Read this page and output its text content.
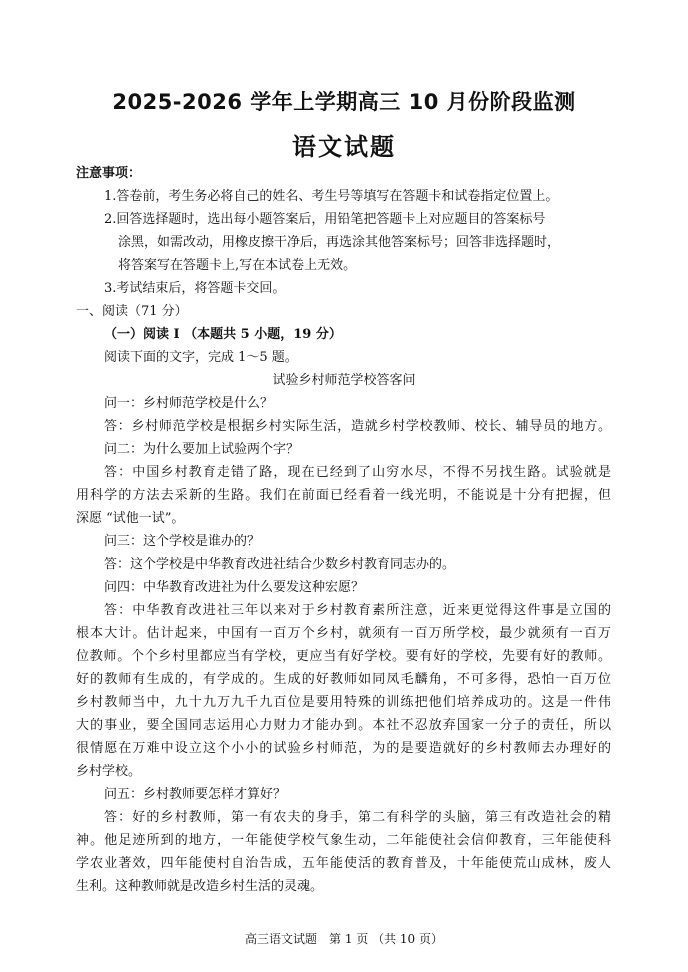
2025-2026 学年上学期高三 10 月份阶段监测
语文试题
注意事项：
1.答卷前，考生务必将自己的姓名、考生号等填写在答题卡和试卷指定位置上。
2.回答选择题时，选出每小题答案后，用铅笔把答题卡上对应题目的答案标号
涂黑，如需改动，用橡皮擦干净后，再选涂其他答案标号；回答非选择题时，
将答案写在答题卡上,写在本试卷上无效。
3.考试结束后，将答题卡交回。
一、阅读（71 分）
（一）阅读 I （本题共 5 小题，19 分）
阅读下面的文字，完成 1～5 题。
试验乡村师范学校答客问
问一：乡村师范学校是什么？
答：乡村师范学校是根据乡村实际生活，造就乡村学校教师、校长、辅导员的地方。
问二：为什么要加上试验两个字？
答：中国乡村教育走错了路，现在已经到了山穷水尽，不得不另找生路。试验就是
用科学的方法去采新的生路。我们在前面已经看着一线光明，不能说是十分有把握，但
深愿 “试他一试”。
问三：这个学校是谁办的？
答：这个学校是中华教育改进社结合少数乡村教育同志办的。
问四：中华教育改进社为什么要发这种宏愿？
答：中华教育改进社三年以来对于乡村教育素所注意，近来更觉得这件事是立国的
根本大计。估计起来，中国有一百万个乡村，就须有一百万所学校，最少就须有一百万
位教师。个个乡村里都应当有学校，更应当有好学校。要有好的学校，先要有好的教师。
好的教师有生成的，有学成的。生成的好教师如同凤毛麟角，不可多得，恐怕一百万位
乡村教师当中，九十九万九千九百位是要用特殊的训练把他们培养成功的。这是一件伟
大的事业，要全国同志运用心力财力才能办到。本社不忍放弃国家一分子的责任，所以
很情愿在万难中设立这个小小的试验乡村师范，为的是要造就好的乡村教师去办理好的
乡村学校。
问五：乡村教师要怎样才算好？
答：好的乡村教师，第一有农夫的身手，第二有科学的头脑，第三有改造社会的精
神。他足迹所到的地方，一年能使学校气象生动，二年能使社会信仰教育，三年能使科
学农业著效，四年能使村自治告成，五年能使活的教育普及，十年能使荒山成林，废人
生利。这种教师就是改造乡村生活的灵魂。
高三语文试题　第 1 页 （共 10 页）
